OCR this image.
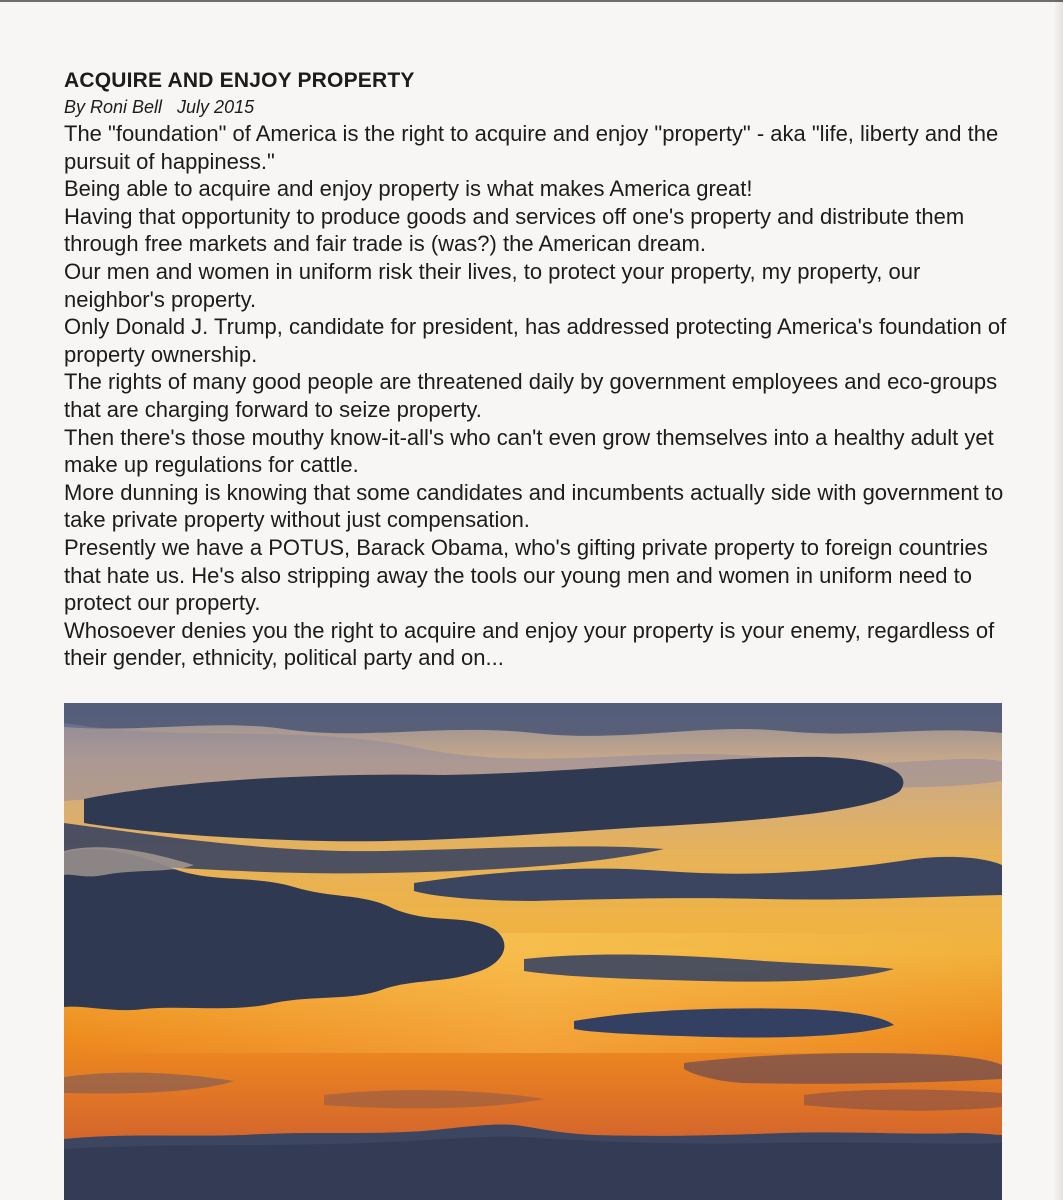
ACQUIRE AND ENJOY PROPERTY
By Roni Bell   July 2015

The "foundation" of America is the right to acquire and enjoy "property" - aka "life, liberty and the pursuit of happiness."

Being able to acquire and enjoy property is what makes America great!

Having that opportunity to produce goods and services off one's property and distribute them through free markets and fair trade is (was?) the American dream.

Our men and women in uniform risk their lives, to protect your property, my property, our neighbor's property.

Only Donald J. Trump, candidate for president, has addressed protecting America's foundation of property ownership.

The rights of many good people are threatened daily by government employees and eco-groups that are charging forward to seize property.

Then there's those mouthy know-it-all's who can't even grow themselves into a healthy adult yet make up regulations for cattle.

More dunning is knowing that some candidates and incumbents actually side with government to take private property without just compensation.

Presently we have a POTUS, Barack Obama, who's gifting private property to foreign countries that hate us. He's also stripping away the tools our young men and women in uniform need to protect our property.

Whosoever denies you the right to acquire and enjoy your property is your enemy, regardless of their gender, ethnicity, political party and on...
